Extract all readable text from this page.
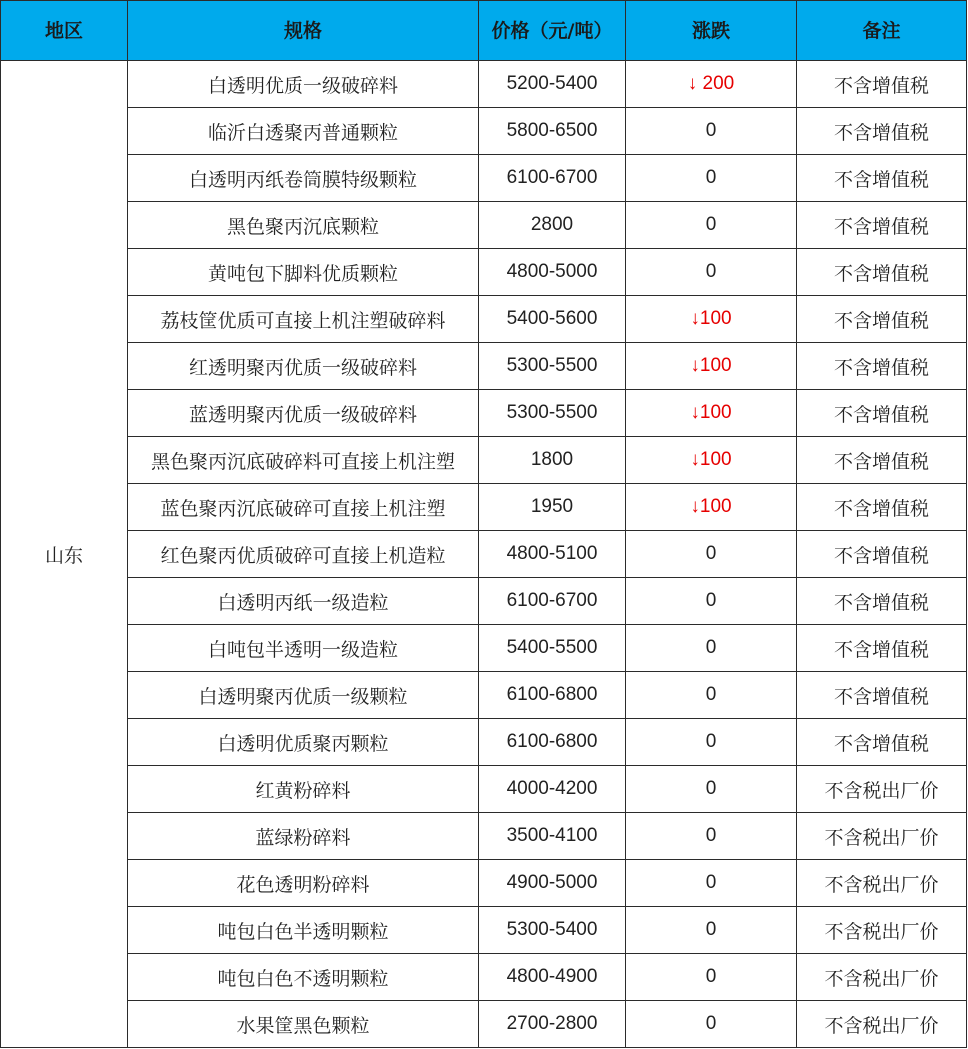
地区	规格	价格（元/吨）	涨跌	备注
山东	白透明优质一级破碎料	5200-5400	↓ 200	不含增值税
	临沂白透聚丙普通颗粒	5800-6500	0	不含增值税
	白透明丙纸卷筒膜特级颗粒	6100-6700	0	不含增值税
	黑色聚丙沉底颗粒	2800	0	不含增值税
	黄吨包下脚料优质颗粒	4800-5000	0	不含增值税
	荔枝筐优质可直接上机注塑破碎料	5400-5600	↓100	不含增值税
	红透明聚丙优质一级破碎料	5300-5500	↓100	不含增值税
	蓝透明聚丙优质一级破碎料	5300-5500	↓100	不含增值税
	黑色聚丙沉底破碎料可直接上机注塑	1800	↓100	不含增值税
	蓝色聚丙沉底破碎可直接上机注塑	1950	↓100	不含增值税
	红色聚丙优质破碎可直接上机造粒	4800-5100	0	不含增值税
	白透明丙纸一级造粒	6100-6700	0	不含增值税
	白吨包半透明一级造粒	5400-5500	0	不含增值税
	白透明聚丙优质一级颗粒	6100-6800	0	不含增值税
	白透明优质聚丙颗粒	6100-6800	0	不含增值税
	红黄粉碎料	4000-4200	0	不含税出厂价
	蓝绿粉碎料	3500-4100	0	不含税出厂价
	花色透明粉碎料	4900-5000	0	不含税出厂价
	吨包白色半透明颗粒	5300-5400	0	不含税出厂价
	吨包白色不透明颗粒	4800-4900	0	不含税出厂价
	水果筐黑色颗粒	2700-2800	0	不含税出厂价
